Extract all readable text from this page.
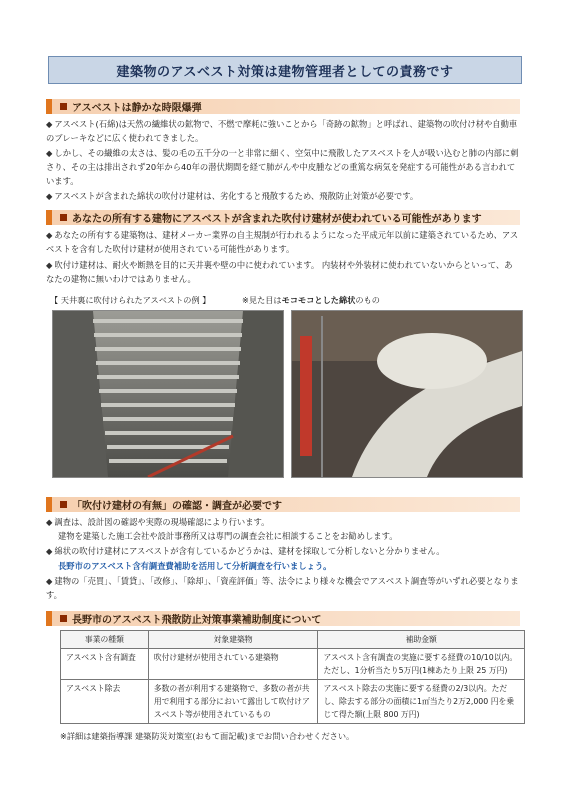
建築物のアスベスト対策は建物管理者としての責務です
アスベストは静かな時限爆弾
◆ アスベスト(石綿)は天然の繊維状の鉱物で、不燃で摩耗に強いことから「奇跡の鉱物」と呼ばれ、建築物の吹付け材や自動車のブレーキなどに広く使われてきました。
◆ しかし、その繊維の太さは、髪の毛の五千分の一と非常に細く、空気中に飛散したアスベストを人が吸い込むと肺の内部に刺さり、その主は排出されず20年から40年の潜伏期間を経て肺がんや中皮腫などの重篤な病気を発症する可能性がある言われています。
◆ アスベストが含まれた綿状の吹付け建材は、劣化すると飛散するため、飛散防止対策が必要です。
あなたの所有する建物にアスベストが含まれた吹付け建材が使われている可能性があります
◆ あなたの所有する建築物は、建材メーカー業界の自主規制が行われるようになった平成元年以前に建築されているため、アスベストを含有した吹付け建材が使用されている可能性があります。
◆ 吹付け建材は、耐火や断熱を目的に天井裏や壁の中に使われています。 内装材や外装材に使われていないからといって、あなたの建物に無いわけではありません。
【 天井裏に吹付けられたアスベストの例 】	※見た目はモコモコとした綿状のもの
「吹付け建材の有無」の確認・調査が必要です
◆ 調査は、設計図の確認や実際の現場確認により行います。
建物を建築した施工会社や設計事務所又は専門の調査会社に相談することをお勧めします。
◆ 綿状の吹付け建材にアスベストが含有しているかどうかは、建材を採取して分析しないと分かりません。
長野市のアスベスト含有調査費補助を活用して分析調査を行いましょう。
◆ 建物の「売買」、「賃貸」、「改修」、「除却」、「資産評価」等、法令により様々な機会でアスベスト調査等がいずれ必要となります。
長野市のアスベスト飛散防止対策事業補助制度について
事業の種類	対象建築物	補助金額
アスベスト含有調査	吹付け建材が使用されている建築物	アスベスト含有調査の実施に要する経費の10/10以内。 ただし、1分析当たり5万円(1棟あたり上限 25 万円)
アスベスト除去	多数の者が利用する建築物で、多数の者が共用で利用する部分において露出して吹付けアスベスト等が使用されているもの	アスベスト除去の実施に要する経費の2/3以内。ただし、除去する部分の面積に1㎡当たり2万2,000 円を乗じて得た額(上限 800 万円)
※詳細は建築指導課 建築防災対策室(おもて面記載)までお問い合わせください。
